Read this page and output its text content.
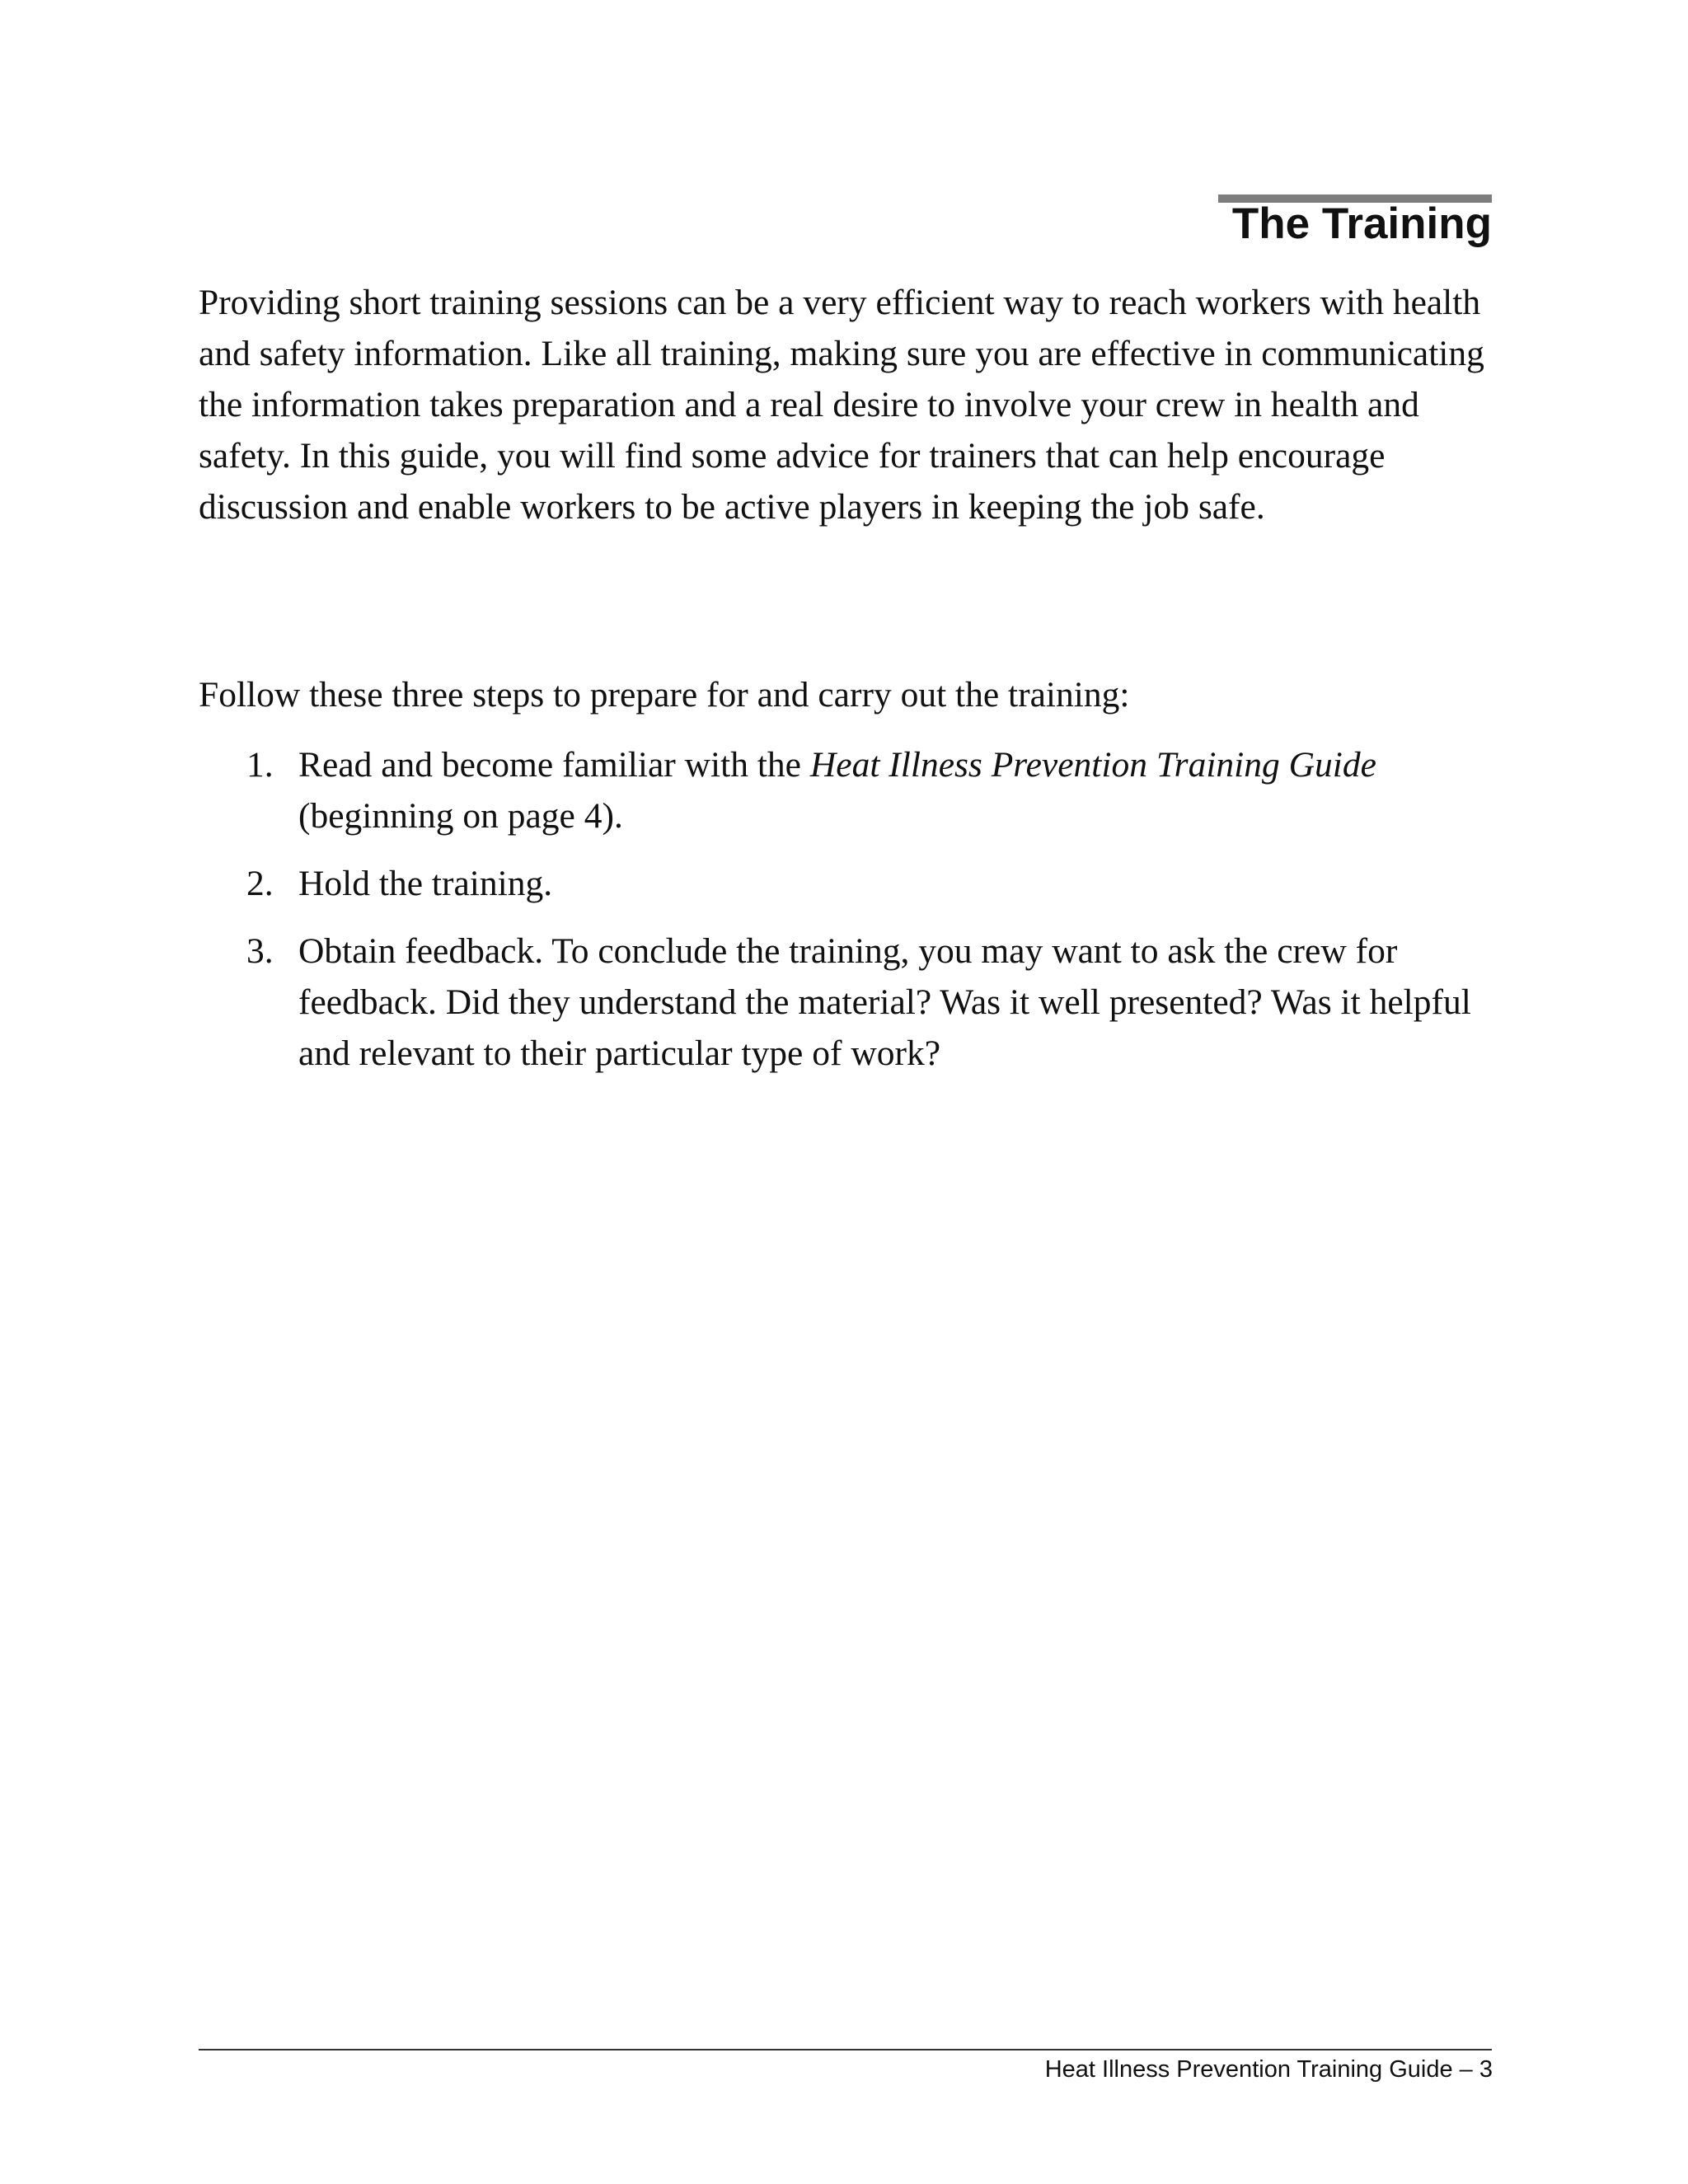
The Training

Providing short training sessions can be a very efficient way to reach workers with health and safety information. Like all training, making sure you are effective in communicating the information takes preparation and a real desire to involve your crew in health and safety. In this guide, you will find some advice for trainers that can help encourage discussion and enable workers to be active players in keeping the job safe.

Follow these three steps to prepare for and carry out the training:

1. Read and become familiar with the Heat Illness Prevention Training Guide (beginning on page 4).
2. Hold the training.
3. Obtain feedback. To conclude the training, you may want to ask the crew for feedback. Did they understand the material? Was it well presented? Was it helpful and relevant to their particular type of work?

Heat Illness Prevention Training Guide – 3
